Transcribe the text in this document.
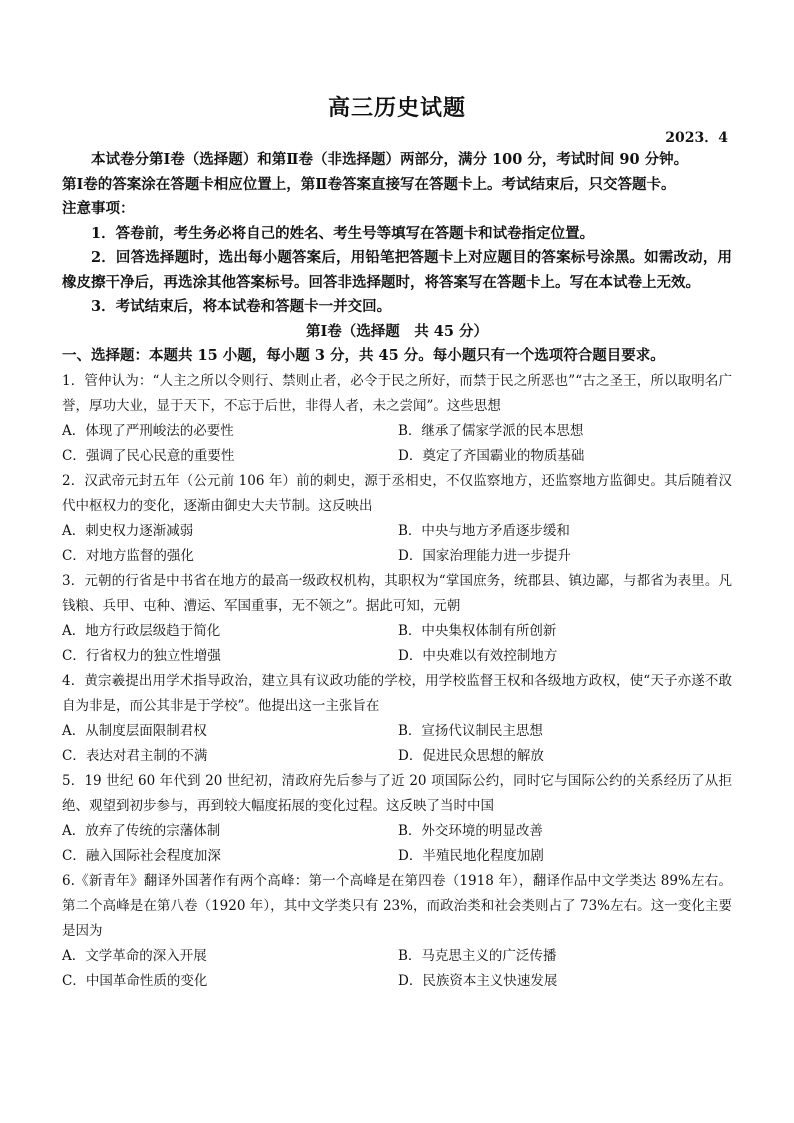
高三历史试题
2023．4

本试卷分第Ⅰ卷（选择题）和第Ⅱ卷（非选择题）两部分，满分 100 分，考试时间 90 分钟。

第Ⅰ卷的答案涂在答题卡相应位置上，第Ⅱ卷答案直接写在答题卡上。考试结束后，只交答题卡。

注意事项：

1．答卷前，考生务必将自己的姓名、考生号等填写在答题卡和试卷指定位置。

2．回答选择题时，选出每小题答案后，用铅笔把答题卡上对应题目的答案标号涂黑。如需改动，用橡皮擦干净后，再选涂其他答案标号。回答非选择题时，将答案写在答题卡上。写在本试卷上无效。

3．考试结束后，将本试卷和答题卡一并交回。

第Ⅰ卷（选择题　共 45 分）

一、选择题：本题共 15 小题，每小题 3 分，共 45 分。每小题只有一个选项符合题目要求。

1．管仲认为：“人主之所以令则行、禁则止者，必令于民之所好，而禁于民之所恶也”“古之圣王，所以取明名广誉，厚功大业，显于天下，不忘于后世，非得人者，未之尝闻”。这些思想

A．体现了严刑峻法的必要性	B．继承了儒家学派的民本思想
C．强调了民心民意的重要性	D．奠定了齐国霸业的物质基础

2．汉武帝元封五年（公元前 106 年）前的刺史，源于丞相史，不仅监察地方，还监察地方监御史。其后随着汉代中枢权力的变化，逐渐由御史大夫节制。这反映出

A．刺史权力逐渐减弱	B．中央与地方矛盾逐步缓和
C．对地方监督的强化	D．国家治理能力进一步提升

3．元朝的行省是中书省在地方的最高一级政权机构，其职权为“掌国庶务，统郡县、镇边鄙，与都省为表里。凡钱粮、兵甲、屯种、漕运、军国重事，无不领之”。据此可知，元朝

A．地方行政层级趋于简化	B．中央集权体制有所创新
C．行省权力的独立性增强	D．中央难以有效控制地方

4．黄宗羲提出用学术指导政治，建立具有议政功能的学校，用学校监督王权和各级地方政权，使“天子亦遂不敢自为非是，而公其非是于学校”。他提出这一主张旨在

A．从制度层面限制君权	B．宣扬代议制民主思想
C．表达对君主制的不满	D．促进民众思想的解放

5．19 世纪 60 年代到 20 世纪初，清政府先后参与了近 20 项国际公约，同时它与国际公约的关系经历了从拒绝、观望到初步参与，再到较大幅度拓展的变化过程。这反映了当时中国

A．放弃了传统的宗藩体制	B．外交环境的明显改善
C．融入国际社会程度加深	D．半殖民地化程度加剧

6.《新青年》翻译外国著作有两个高峰：第一个高峰是在第四卷（1918 年），翻译作品中文学类达 89%左右。第二个高峰是在第八卷（1920 年），其中文学类只有 23%，而政治类和社会类则占了 73%左右。这一变化主要是因为

A．文学革命的深入开展	B．马克思主义的广泛传播
C．中国革命性质的变化	D．民族资本主义快速发展
